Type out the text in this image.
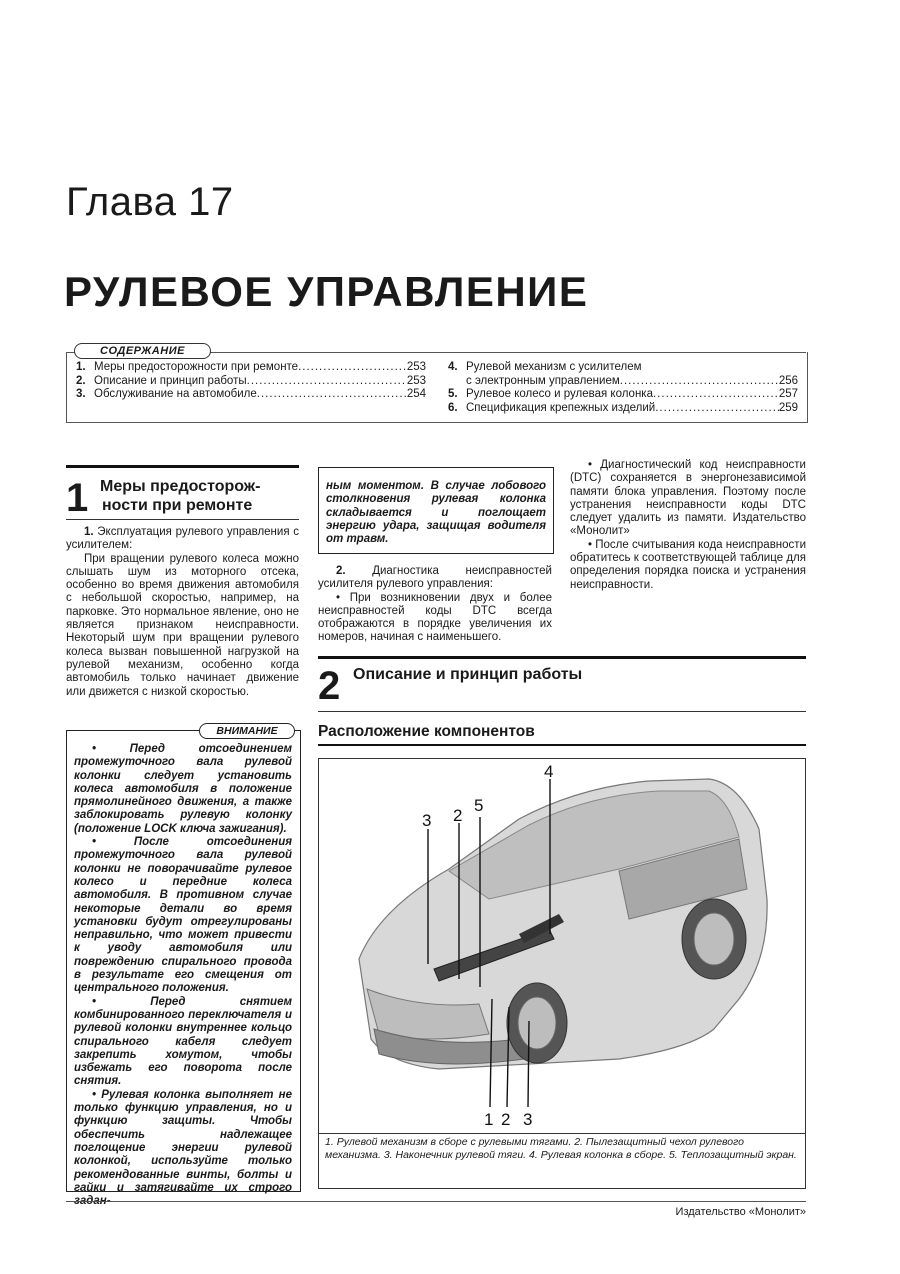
Глава 17
РУЛЕВОЕ УПРАВЛЕНИЕ
СОДЕРЖАНИЕ
1. Меры предосторожности при ремонте .....	253
2. Описание и принцип работы .....	253
3. Обслуживание на автомобиле .....	254
4. Рулевой механизм с усилителем
с электронным управлением .....	256
5. Рулевое колесо и рулевая колонка .....	257
6. Спецификация крепежных изделий .....	259
1 Меры предосторож-
ности при ремонте

1. Эксплуатация рулевого управления с усилителем:

При вращении рулевого колеса можно слышать шум из моторного отсека, особенно во время движения автомобиля с небольшой скоростью, например, на парковке. Это нормальное явление, оно не является признаком неисправности. Некоторый шум при вращении рулевого колеса вызван повышенной нагрузкой на рулевой механизм, особенно когда автомобиль только начинает движение или движется с низкой скоростью.

ВНИМАНИЕ

• Перед отсоединением промежуточного вала рулевой колонки следует установить колеса автомобиля в положение прямолинейного движения, а также заблокировать рулевую колонку (положение LOCK ключа зажигания).

• После отсоединения промежуточного вала рулевой колонки не поворачивайте рулевое колесо и передние колеса автомобиля. В противном случае некоторые детали во время установки будут отрегулированы неправильно, что может привести к уводу автомобиля или повреждению спирального провода в результате его смещения от центрального положения.

• Перед снятием комбинированного переключателя и рулевой колонки внутреннее кольцо спирального кабеля следует закрепить хомутом, чтобы избежать его поворота после снятия.

• Рулевая колонка выполняет не только функцию управления, но и функцию защиты. Чтобы обеспечить надлежащее поглощение энергии рулевой колонкой, используйте только рекомендованные винты, болты и гайки и затягивайте их строго задан-

ным моментом. В случае лобового столкновения рулевая колонка складывается и поглощает энергию удара, защищая водителя от травм.

2. Диагностика неисправностей усилителя рулевого управления:

• При возникновении двух и более неисправностей коды DTC всегда отображаются в порядке увеличения их номеров, начиная с наименьшего.

• Диагностический код неисправности (DTC) сохраняется в энергонезависимой памяти блока управления. Поэтому после устранения неисправности коды DTC следует удалить из памяти. Издательство «Монолит»

• После считывания кода неисправности обратитесь к соответствующей таблице для определения порядка поиска и устранения неисправности.

2 Описание и принцип работы
Расположение компонентов
3 2
5
4
1 2 3
1. Рулевой механизм в сборе с рулевыми тягами. 2. Пылезащитный чехол рулевого механизма. 3. Наконечник рулевой тяги. 4. Рулевая колонка в сборе. 5. Теплозащитный экран.
Издательство «Монолит»
